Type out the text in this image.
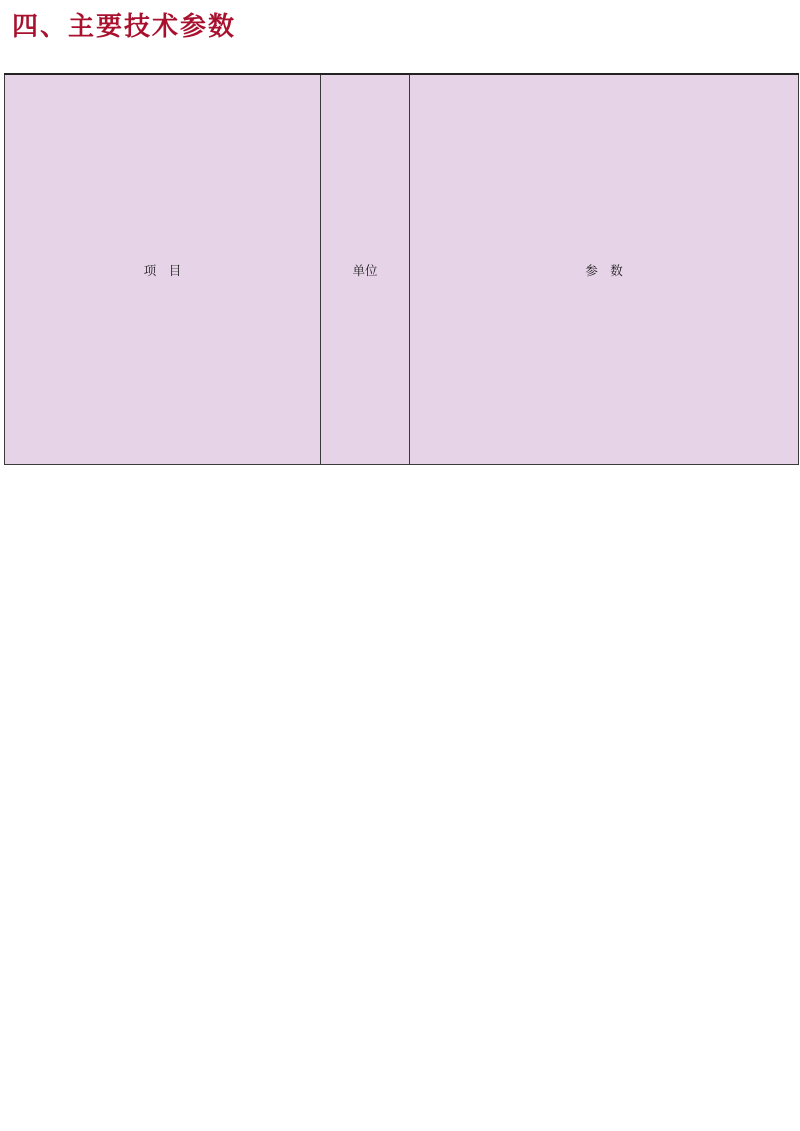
四、主要技术参数
项　目	单位	参　数
